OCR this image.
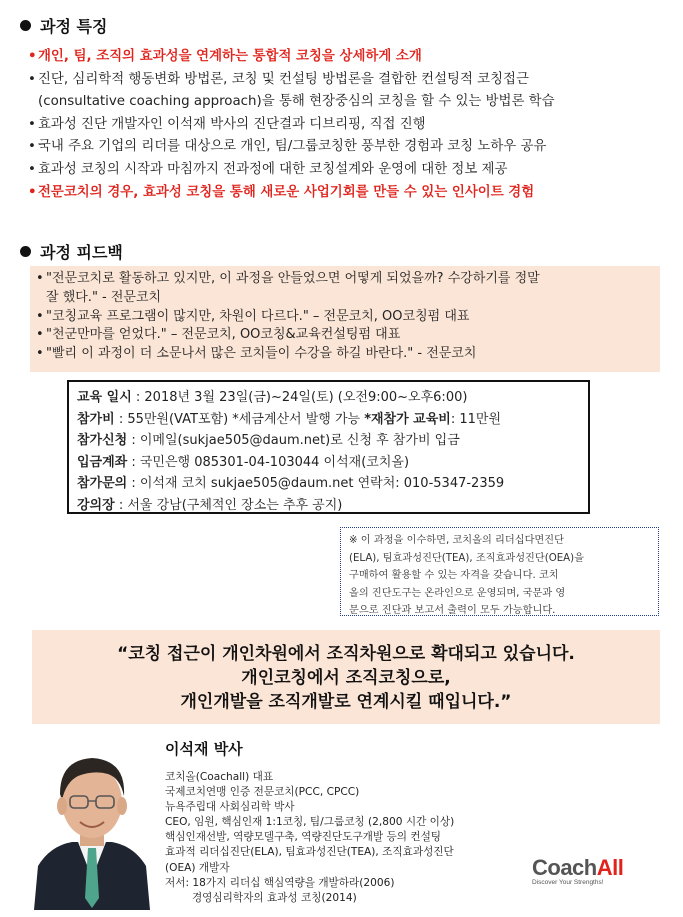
과정 특징
• 개인, 팀, 조직의 효과성을 연계하는 통합적 코칭을 상세하게 소개
• 진단, 심리학적 행동변화 방법론, 코칭 및 컨설팅 방법론을 결합한 컨설팅적 코칭접근
(consultative coaching approach)을 통해 현장중심의 코칭을 할 수 있는 방법론 학습
• 효과성 진단 개발자인 이석재 박사의 진단결과 디브리핑, 직접 진행
• 국내 주요 기업의 리더를 대상으로 개인, 팀/그룹코칭한 풍부한 경험과 코칭 노하우 공유
• 효과성 코칭의 시작과 마침까지 전과정에 대한 코칭설계와 운영에 대한 정보 제공
• 전문코치의 경우, 효과성 코칭을 통해 새로운 사업기회를 만들 수 있는 인사이트 경험
과정 피드백
• "전문코치로 활동하고 있지만, 이 과정을 안들었으면 어떻게 되었을까? 수강하기를 정말
잘 했다." - 전문코치
• "코칭교육 프로그램이 많지만, 차원이 다르다." – 전문코치, OO코칭펌 대표
• "천군만마를 얻었다." – 전문코치, OO코칭&교육컨설팅펌 대표
• "빨리 이 과정이 더 소문나서 많은 코치들이 수강을 하길 바란다." - 전문코치
교육 일시 : 2018년 3월 23일(금)~24일(토) (오전9:00~오후6:00)
참가비 : 55만원(VAT포함) *세금계산서 발행 가능 *재참가 교육비: 11만원
참가신청 : 이메일(sukjae505@daum.net)로 신청 후 참가비 입금
입금계좌 : 국민은행 085301-04-103044 이석재(코치올)
참가문의 : 이석재 코치 sukjae505@daum.net 연락처: 010-5347-2359
강의장 : 서울 강남(구체적인 장소는 추후 공지)
※ 이 과정을 이수하면, 코치올의 리더십다면진단
(ELA), 팀효과성진단(TEA), 조직효과성진단(OEA)을
구매하여 활용할 수 있는 자격을 갖습니다. 코치
올의 진단도구는 온라인으로 운영되며, 국문과 영
문으로 진단과 보고서 출력이 모두 가능합니다.
“코칭 접근이 개인차원에서 조직차원으로 확대되고 있습니다.
개인코칭에서 조직코칭으로,
개인개발을 조직개발로 연계시킬 때입니다.”
이석재 박사
코치올(Coachall) 대표
국제코치연맹 인증 전문코치(PCC, CPCC)
뉴욕주립대 사회심리학 박사
CEO, 임원, 핵심인재 1:1코칭, 팀/그룹코칭 (2,800 시간 이상)
핵심인재선발, 역량모델구축, 역량진단도구개발 등의 컨설팅
효과적 리더십진단(ELA), 팀효과성진단(TEA), 조직효과성진단
(OEA) 개발자
저서: 18가지 리더십 핵심역량을 개발하라(2006)
경영심리학자의 효과성 코칭(2014)
CoachAll
Discover Your Strengths!
